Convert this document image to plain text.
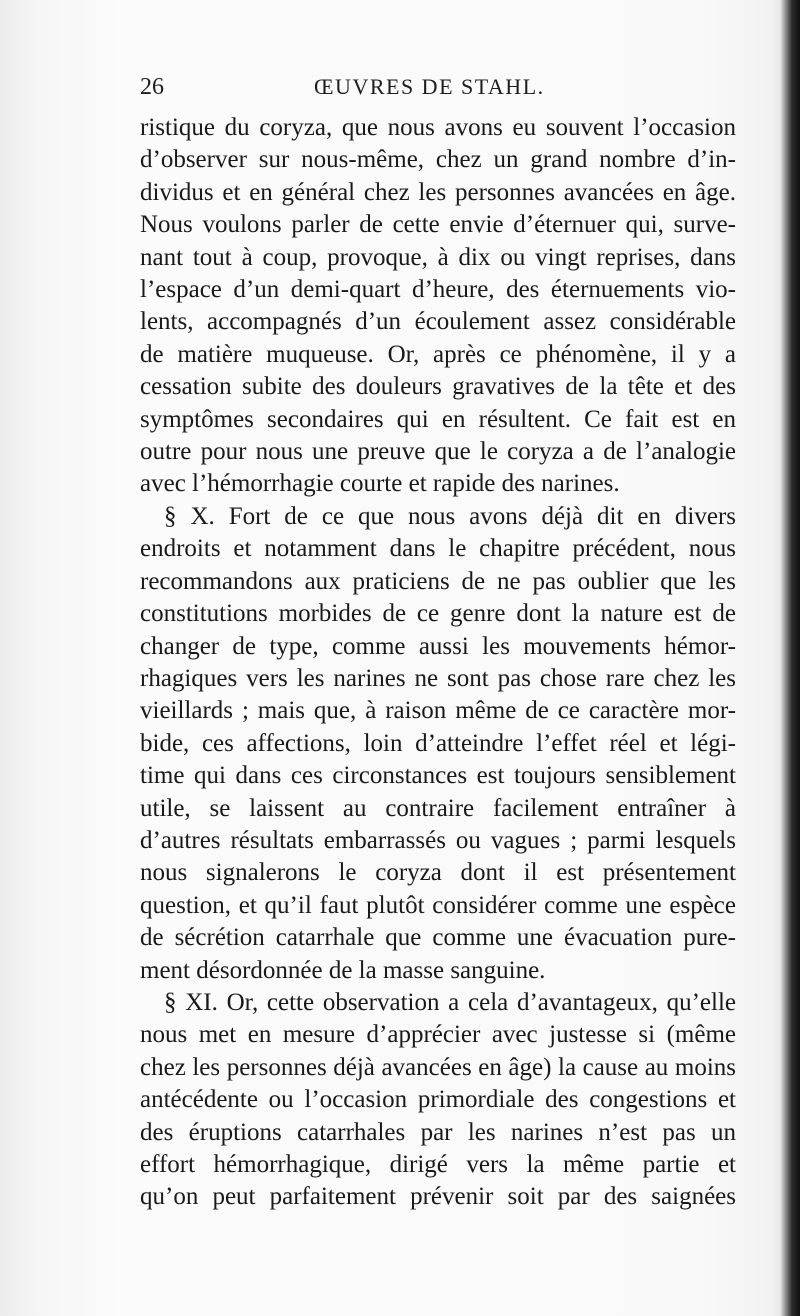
26	ŒUVRES DE STAHL.
ristique du coryza, que nous avons eu souvent l’occasion
d’observer sur nous-même, chez un grand nombre d’in-
dividus et en général chez les personnes avancées en âge.
Nous voulons parler de cette envie d’éternuer qui, surve-
nant tout à coup, provoque, à dix ou vingt reprises, dans
l’espace d’un demi-quart d’heure, des éternuements vio-
lents, accompagnés d’un écoulement assez considérable
de matière muqueuse. Or, après ce phénomène, il y a
cessation subite des douleurs gravatives de la tête et des
symptômes secondaires qui en résultent. Ce fait est en
outre pour nous une preuve que le coryza a de l’analogie
avec l’hémorrhagie courte et rapide des narines.
§ X. Fort de ce que nous avons déjà dit en divers
endroits et notamment dans le chapitre précédent, nous
recommandons aux praticiens de ne pas oublier que les
constitutions morbides de ce genre dont la nature est de
changer de type, comme aussi les mouvements hémor-
rhagiques vers les narines ne sont pas chose rare chez les
vieillards ; mais que, à raison même de ce caractère mor-
bide, ces affections, loin d’atteindre l’effet réel et légi-
time qui dans ces circonstances est toujours sensiblement
utile, se laissent au contraire facilement entraîner à
d’autres résultats embarrassés ou vagues ; parmi lesquels
nous signalerons le coryza dont il est présentement
question, et qu’il faut plutôt considérer comme une espèce
de sécrétion catarrhale que comme une évacuation pure-
ment désordonnée de la masse sanguine.
§ XI. Or, cette observation a cela d’avantageux, qu’elle
nous met en mesure d’apprécier avec justesse si (même
chez les personnes déjà avancées en âge) la cause au moins
antécédente ou l’occasion primordiale des congestions et
des éruptions catarrhales par les narines n’est pas un
effort hémorrhagique, dirigé vers la même partie et
qu’on peut parfaitement prévenir soit par des saignées
